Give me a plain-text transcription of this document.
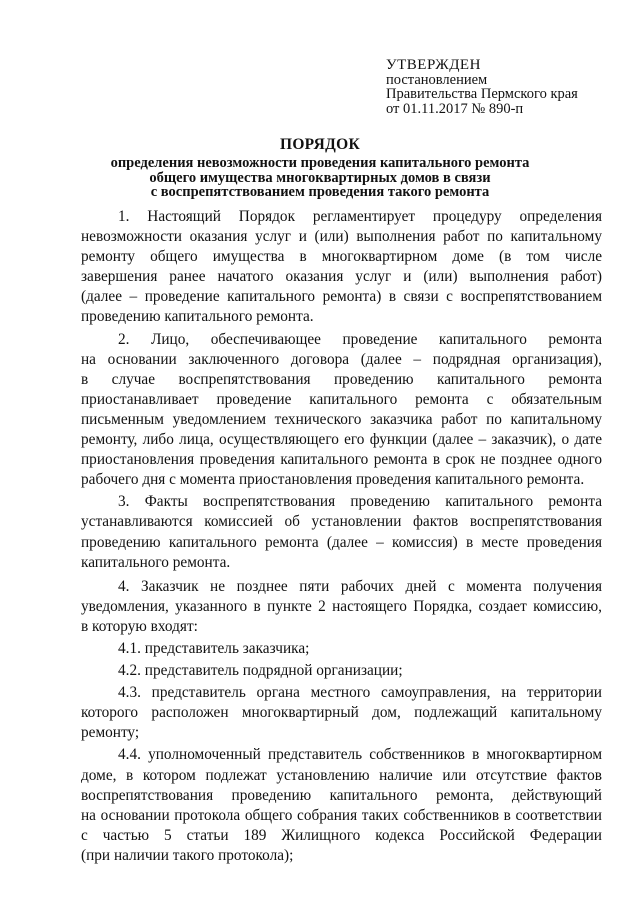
УТВЕРЖДЕН
постановлением
Правительства Пермского края
от 01.11.2017 № 890-п
ПОРЯДОК
определения невозможности проведения капитального ремонта
общего имущества многоквартирных домов в связи
с воспрепятствованием проведения такого ремонта
1. Настоящий Порядок регламентирует процедуру определения
невозможности оказания услуг и (или) выполнения работ по капитальному
ремонту общего имущества в многоквартирном доме (в том числе
завершения ранее начатого оказания услуг и (или) выполнения работ)
(далее – проведение капитального ремонта) в связи с воспрепятствованием
проведению капитального ремонта.
2. Лицо, обеспечивающее проведение капитального ремонта
на основании заключенного договора (далее – подрядная организация),
в случае воспрепятствования проведению капитального ремонта
приостанавливает проведение капитального ремонта с обязательным
письменным уведомлением технического заказчика работ по капитальному
ремонту, либо лица, осуществляющего его функции (далее – заказчик), о дате
приостановления проведения капитального ремонта в срок не позднее одного
рабочего дня с момента приостановления проведения капитального ремонта.
3. Факты воспрепятствования проведению капитального ремонта
устанавливаются комиссией об установлении фактов воспрепятствования
проведению капитального ремонта (далее – комиссия) в месте проведения
капитального ремонта.
4. Заказчик не позднее пяти рабочих дней с момента получения
уведомления, указанного в пункте 2 настоящего Порядка, создает комиссию,
в которую входят:
4.1. представитель заказчика;
4.2. представитель подрядной организации;
4.3. представитель органа местного самоуправления, на территории
которого расположен многоквартирный дом, подлежащий капитальному
ремонту;
4.4. уполномоченный представитель собственников в многоквартирном
доме, в котором подлежат установлению наличие или отсутствие фактов
воспрепятствования проведению капитального ремонта, действующий
на основании протокола общего собрания таких собственников в соответствии
с частью 5 статьи 189 Жилищного кодекса Российской Федерации
(при наличии такого протокола);
